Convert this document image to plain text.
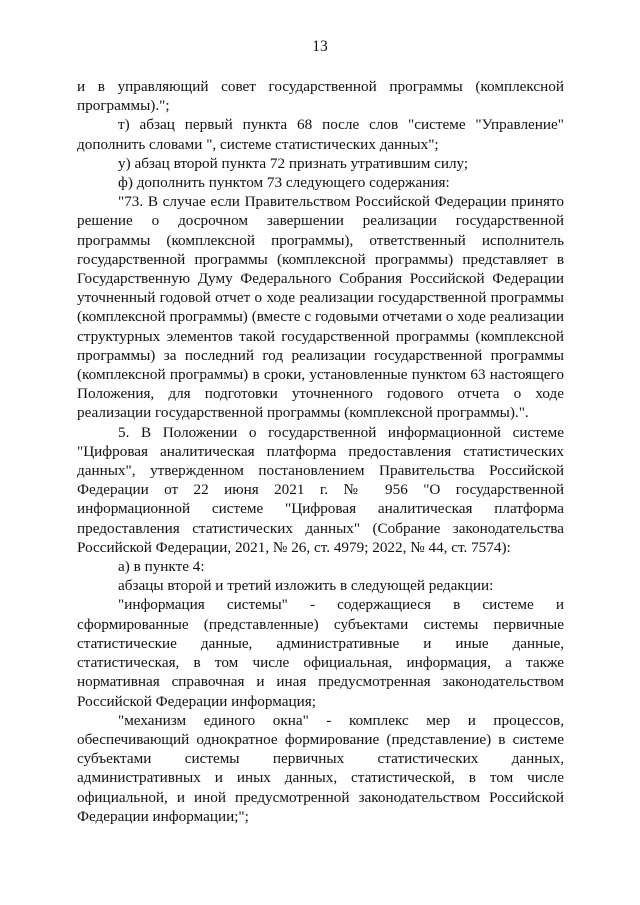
13

и в управляющий совет государственной программы (комплексной программы).";

т) абзац первый пункта 68 после слов "системе "Управление" дополнить словами ", системе статистических данных";

у) абзац второй пункта 72 признать утратившим силу;

ф) дополнить пунктом 73 следующего содержания:

"73. В случае если Правительством Российской Федерации принято решение о досрочном завершении реализации государственной программы (комплексной программы), ответственный исполнитель государственной программы (комплексной программы) представляет в Государственную Думу Федерального Собрания Российской Федерации уточненный годовой отчет о ходе реализации государственной программы (комплексной программы) (вместе с годовыми отчетами о ходе реализации структурных элементов такой государственной программы (комплексной программы) за последний год реализации государственной программы (комплексной программы) в сроки, установленные пунктом 63 настоящего Положения, для подготовки уточненного годового отчета о ходе реализации государственной программы (комплексной программы).".

5. В Положении о государственной информационной системе "Цифровая аналитическая платформа предоставления статистических данных", утвержденном постановлением Правительства Российской Федерации от 22 июня 2021 г. № 956 "О государственной информационной системе "Цифровая аналитическая платформа предоставления статистических данных" (Собрание законодательства Российской Федерации, 2021, № 26, ст. 4979; 2022, № 44, ст. 7574):

а) в пункте 4:

абзацы второй и третий изложить в следующей редакции:

"информация системы" - содержащиеся в системе и сформированные (представленные) субъектами системы первичные статистические данные, административные и иные данные, статистическая, в том числе официальная, информация, а также нормативная справочная и иная предусмотренная законодательством Российской Федерации информация;

"механизм единого окна" - комплекс мер и процессов, обеспечивающий однократное формирование (представление) в системе субъектами системы первичных статистических данных, административных и иных данных, статистической, в том числе официальной, и иной предусмотренной законодательством Российской Федерации информации;";
